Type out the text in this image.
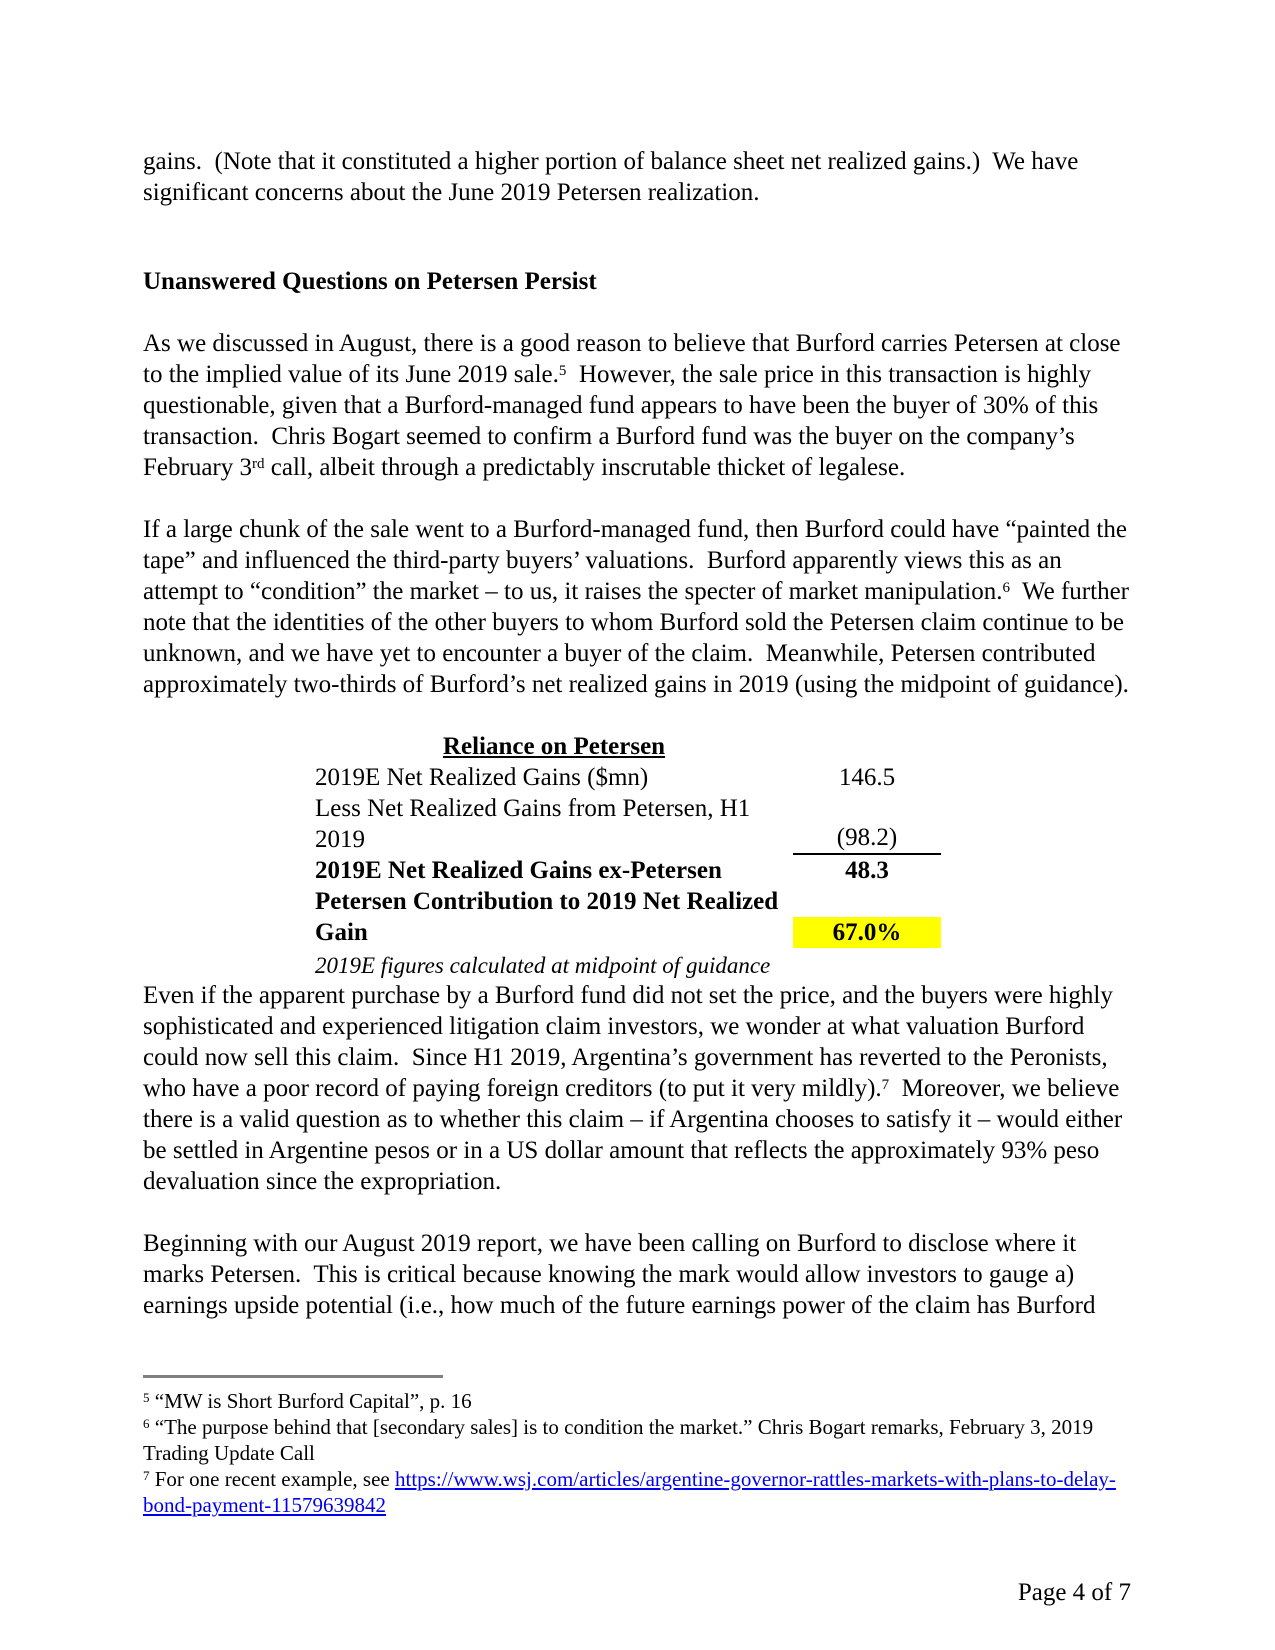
gains.  (Note that it constituted a higher portion of balance sheet net realized gains.)  We have significant concerns about the June 2019 Petersen realization.

Unanswered Questions on Petersen Persist

As we discussed in August, there is a good reason to believe that Burford carries Petersen at close to the implied value of its June 2019 sale.$^5$  However, the sale price in this transaction is highly questionable, given that a Burford-managed fund appears to have been the buyer of 30% of this transaction.  Chris Bogart seemed to confirm a Burford fund was the buyer on the company’s February 3rd call, albeit through a predictably inscrutable thicket of legalese.

If a large chunk of the sale went to a Burford-managed fund, then Burford could have “painted the tape” and influenced the third-party buyers’ valuations.  Burford apparently views this as an attempt to “condition” the market – to us, it raises the specter of market manipulation.$^6$  We further note that the identities of the other buyers to whom Burford sold the Petersen claim continue to be unknown, and we have yet to encounter a buyer of the claim.  Meanwhile, Petersen contributed approximately two-thirds of Burford’s net realized gains in 2019 (using the midpoint of guidance).

Reliance on Petersen
2019E Net Realized Gains ($mn)	146.5
Less Net Realized Gains from Petersen, H1 2019	(98.2)
2019E Net Realized Gains ex-Petersen	48.3
Petersen Contribution to 2019 Net Realized Gain	67.0%
2019E figures calculated at midpoint of guidance

Even if the apparent purchase by a Burford fund did not set the price, and the buyers were highly sophisticated and experienced litigation claim investors, we wonder at what valuation Burford could now sell this claim.  Since H1 2019, Argentina’s government has reverted to the Peronists, who have a poor record of paying foreign creditors (to put it very mildly).$^7$  Moreover, we believe there is a valid question as to whether this claim – if Argentina chooses to satisfy it – would either be settled in Argentine pesos or in a US dollar amount that reflects the approximately 93% peso devaluation since the expropriation.

Beginning with our August 2019 report, we have been calling on Burford to disclose where it marks Petersen.  This is critical because knowing the mark would allow investors to gauge a) earnings upside potential (i.e., how much of the future earnings power of the claim has Burford

$^5$ “MW is Short Burford Capital”, p. 16
$^6$ “The purpose behind that [secondary sales] is to condition the market.” Chris Bogart remarks, February 3, 2019 Trading Update Call
$^7$ For one recent example, see https://www.wsj.com/articles/argentine-governor-rattles-markets-with-plans-to-delay-bond-payment-11579639842
Page 4 of 7
